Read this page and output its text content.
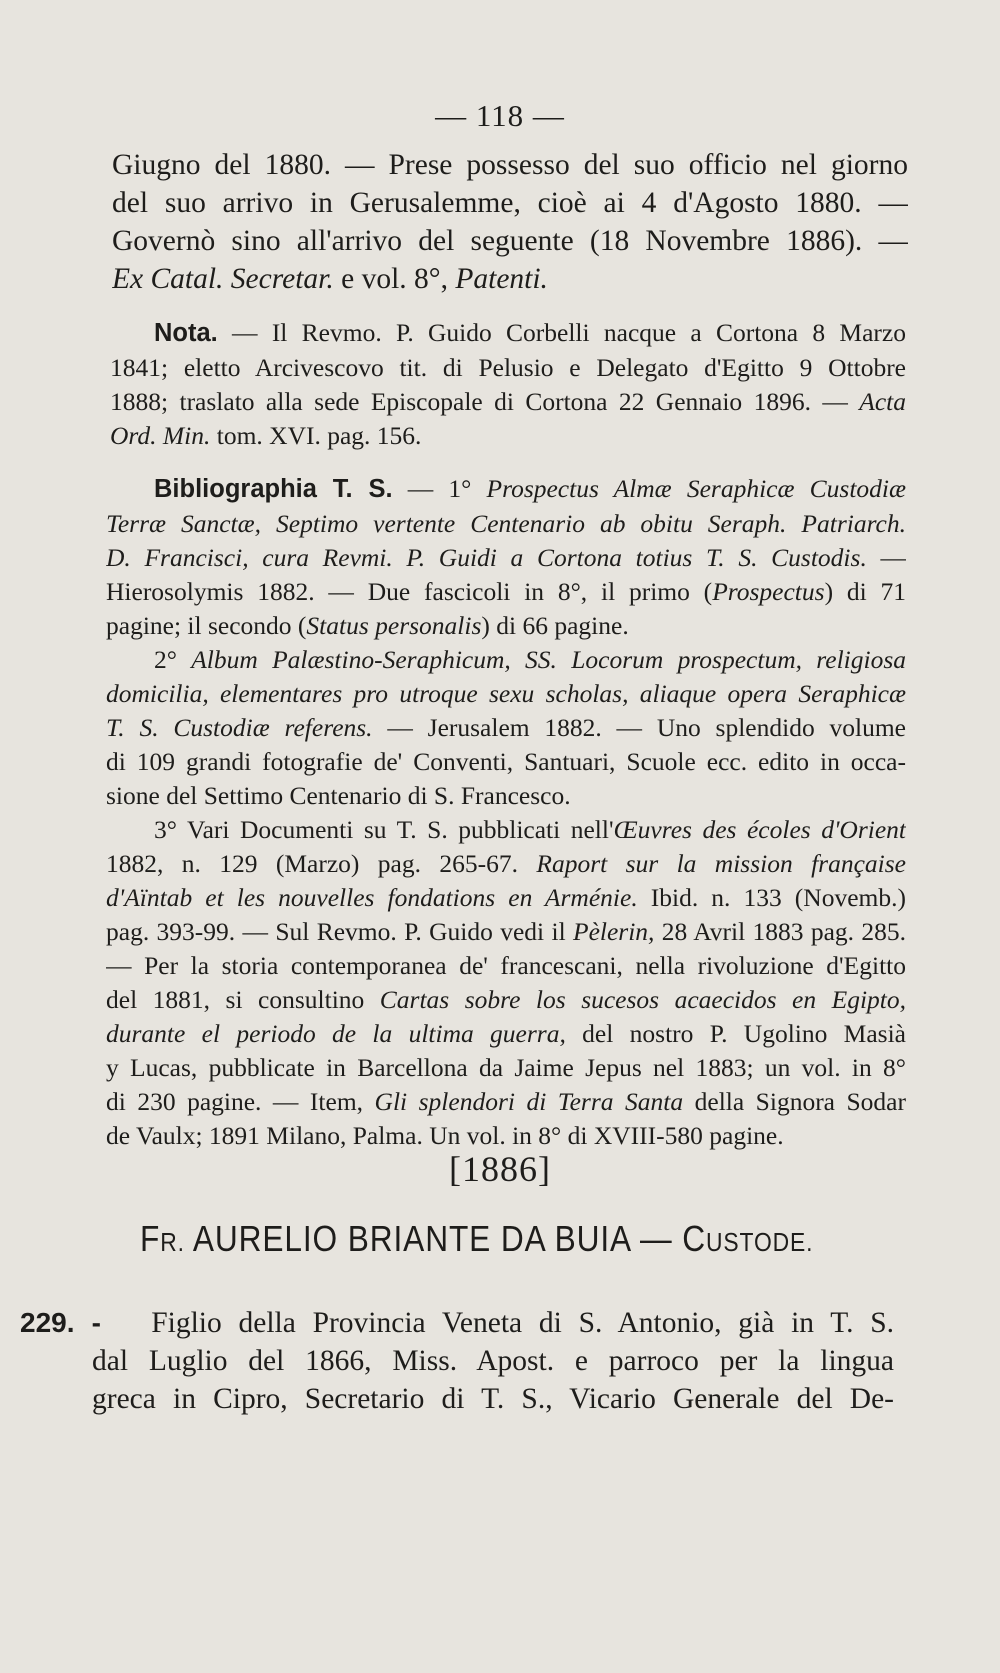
— 118 —
Giugno del 1880. — Prese possesso del suo officio nel giorno
del suo arrivo in Gerusalemme, cioè ai 4 d'Agosto 1880. —
Governò sino all'arrivo del seguente (18 Novembre 1886). —
Ex Catal. Secretar. e vol. 8°, Patenti.
Nota. — Il Revmo. P. Guido Corbelli nacque a Cortona 8 Marzo
1841; eletto Arcivescovo tit. di Pelusio e Delegato d'Egitto 9 Ottobre
1888; traslato alla sede Episcopale di Cortona 22 Gennaio 1896. — Acta
Ord. Min. tom. XVI. pag. 156.
Bibliographia T. S. — 1° Prospectus Almæ Seraphicæ Custodiæ
Terræ Sanctæ, Septimo vertente Centenario ab obitu Seraph. Patriarch.
D. Francisci, cura Revmi. P. Guidi a Cortona totius T. S. Custodis. —
Hierosolymis 1882. — Due fascicoli in 8°, il primo (Prospectus) di 71
pagine; il secondo (Status personalis) di 66 pagine.
2° Album Palæstino-Seraphicum, SS. Locorum prospectum, religiosa
domicilia, elementares pro utroque sexu scholas, aliaque opera Seraphicæ
T. S. Custodiæ referens. — Jerusalem 1882. — Uno splendido volume
di 109 grandi fotografie de' Conventi, Santuari, Scuole ecc. edito in occa-
sione del Settimo Centenario di S. Francesco.
3° Vari Documenti su T. S. pubblicati nell'Œuvres des écoles d'Orient
1882, n. 129 (Marzo) pag. 265-67. Raport sur la mission française
d'Aïntab et les nouvelles fondations en Arménie. Ibid. n. 133 (Novemb.)
pag. 393-99. — Sul Revmo. P. Guido vedi il Pèlerin, 28 Avril 1883 pag. 285.
— Per la storia contemporanea de' francescani, nella rivoluzione d'Egitto
del 1881, si consultino Cartas sobre los sucesos acaecidos en Egipto,
durante el periodo de la ultima guerra, del nostro P. Ugolino Masià
y Lucas, pubblicate in Barcellona da Jaime Jepus nel 1883; un vol. in 8°
di 230 pagine. — Item, Gli splendori di Terra Santa della Signora Sodar
de Vaulx; 1891 Milano, Palma. Un vol. in 8° di XVIII-580 pagine.
[1886]
FR. AURELIO BRIANTE DA BUIA — CUSTODE.
229. - Figlio della Provincia Veneta di S. Antonio, già in T. S.
dal Luglio del 1866, Miss. Apost. e parroco per la lingua
greca in Cipro, Secretario di T. S., Vicario Generale del De-
